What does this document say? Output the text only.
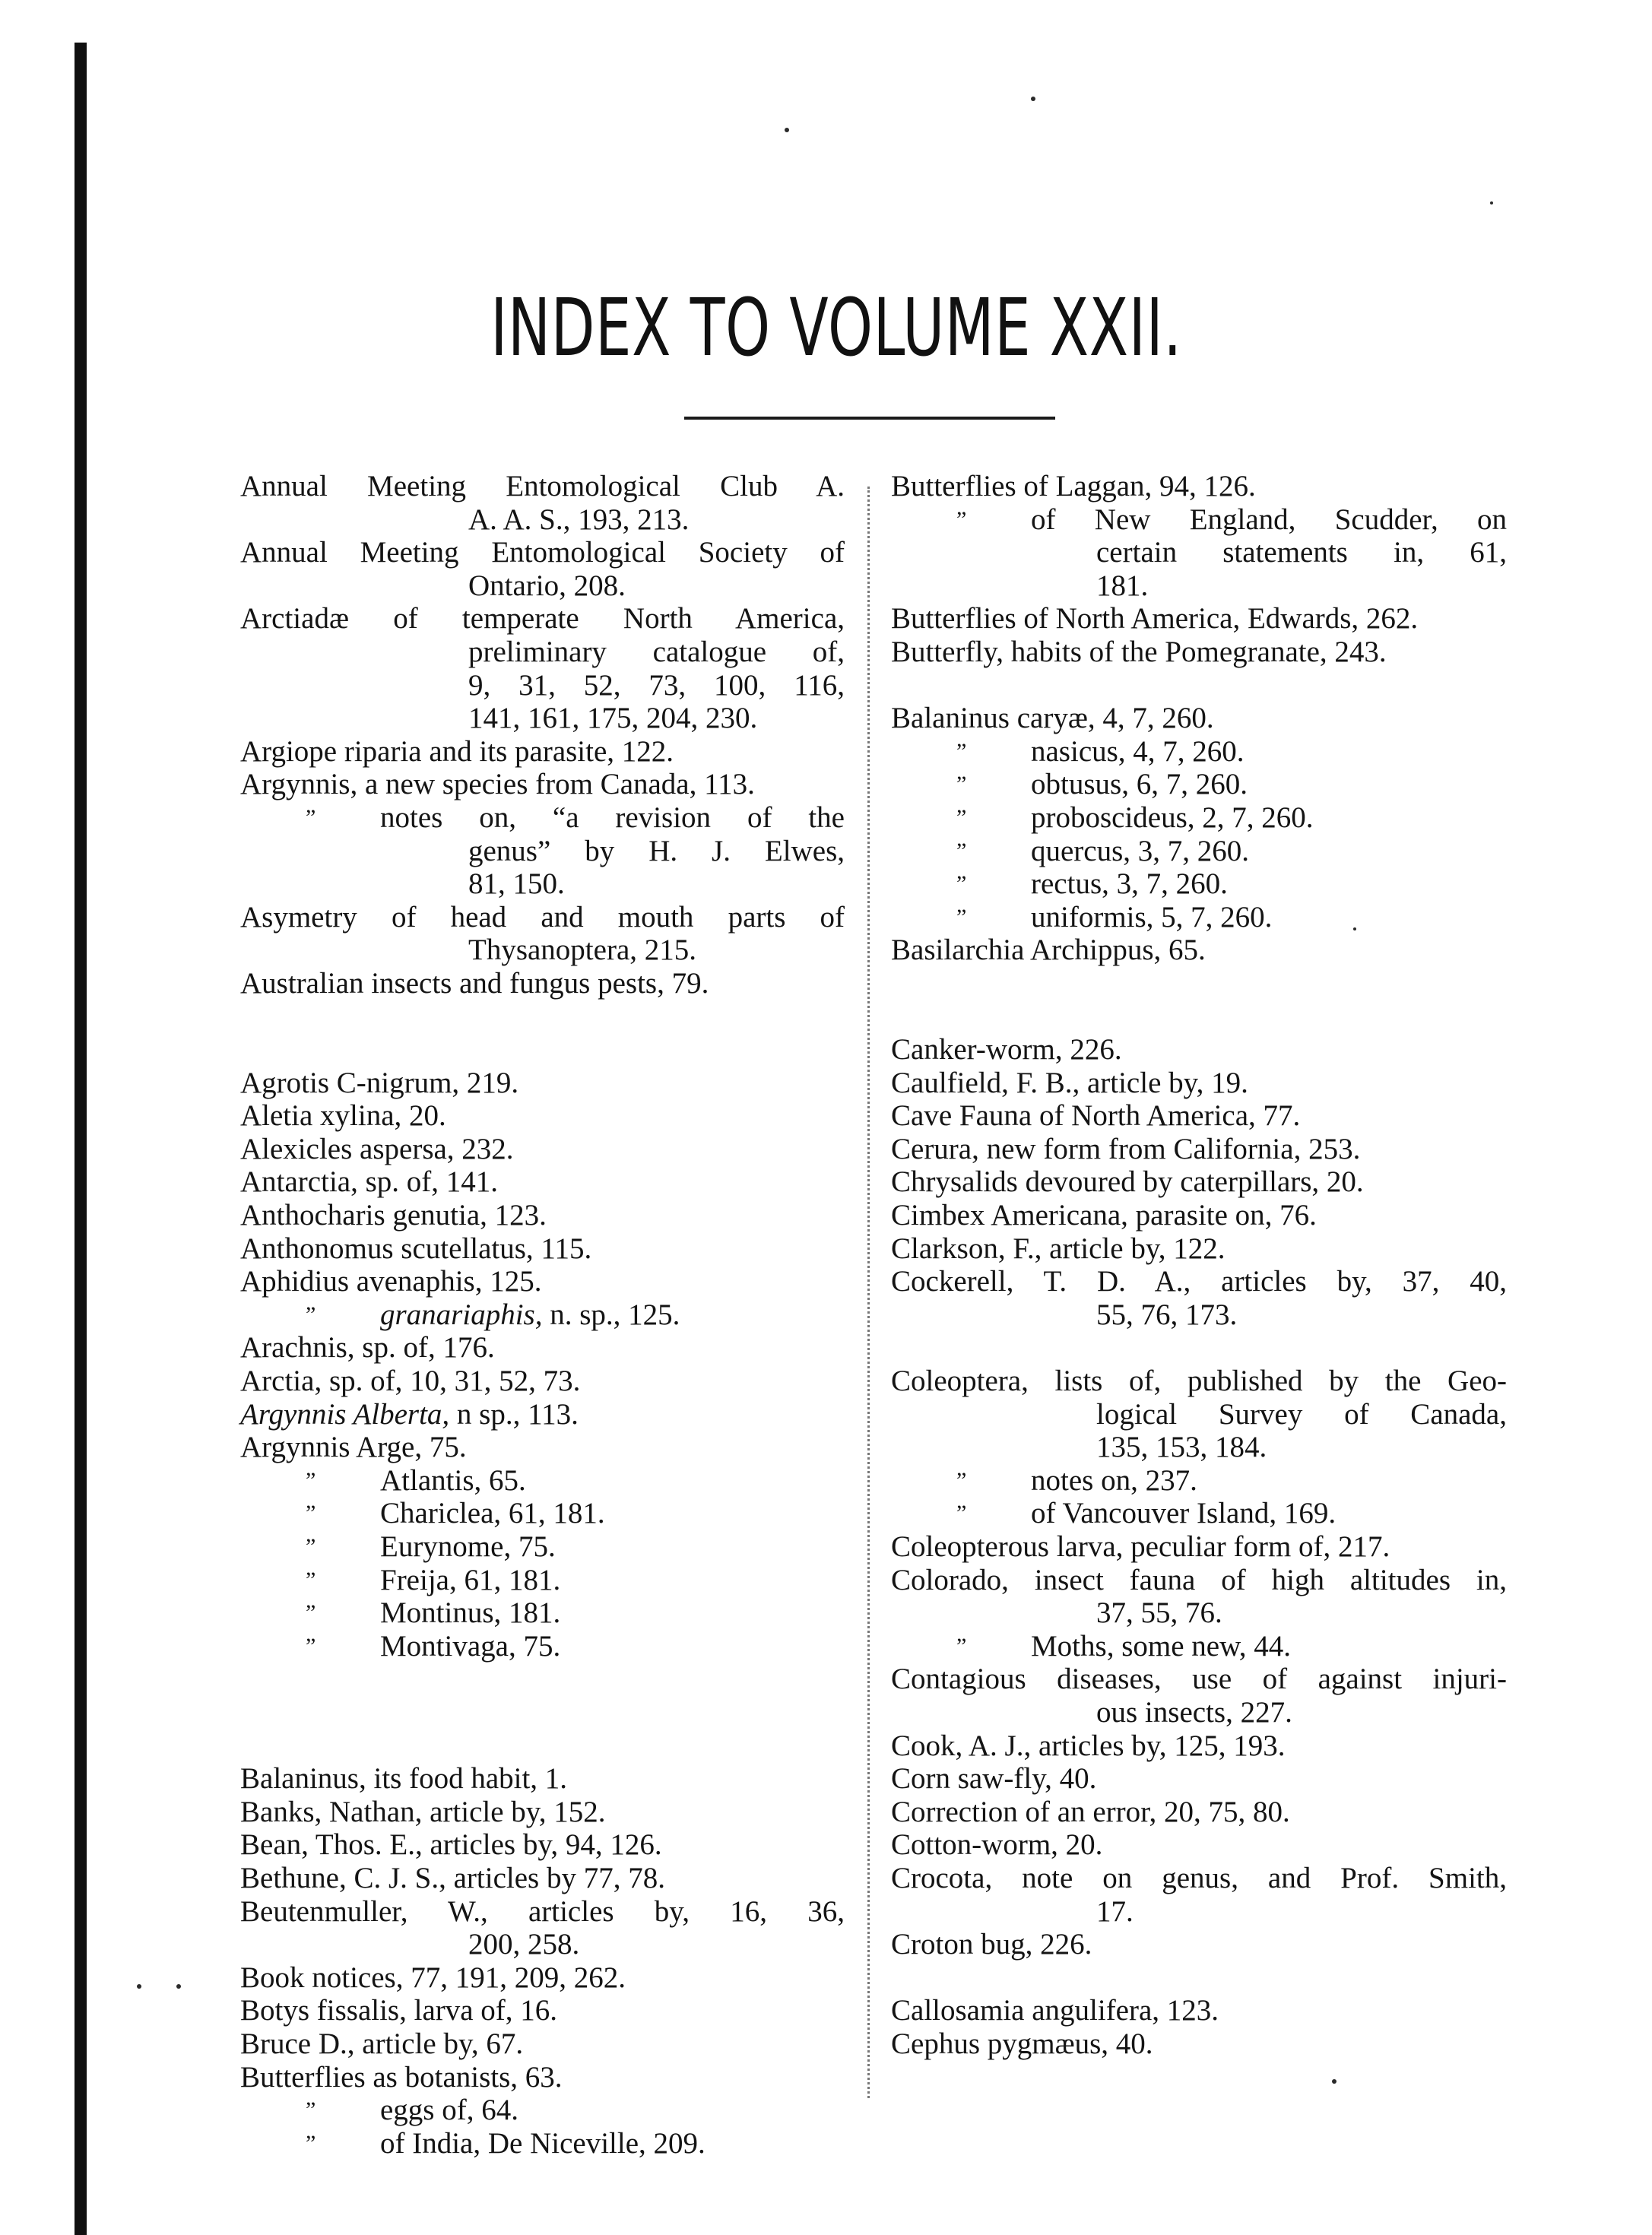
INDEX TO VOLUME XXII.
Annual Meeting Entomological Club A.
A. A. S., 193, 213.
Annual Meeting Entomological Society of
Ontario, 208.
Arctiadæ of temperate North America,
preliminary catalogue of,
9, 31, 52, 73, 100, 116,
141, 161, 175, 204, 230.
Argiope riparia and its parasite, 122.
Argynnis, a new species from Canada, 113.
” notes on, “a revision of the
genus” by H. J. Elwes,
81, 150.
Asymetry of head and mouth parts of
Thysanoptera, 215.
Australian insects and fungus pests, 79.
Agrotis C-nigrum, 219.
Aletia xylina, 20.
Alexicles aspersa, 232.
Antarctia, sp. of, 141.
Anthocharis genutia, 123.
Anthonomus scutellatus, 115.
Aphidius avenaphis, 125.
” granariaphis, n. sp., 125.
Arachnis, sp. of, 176.
Arctia, sp. of, 10, 31, 52, 73.
Argynnis Alberta, n sp., 113.
Argynnis Arge, 75.
” Atlantis, 65.
” Chariclea, 61, 181.
” Eurynome, 75.
” Freija, 61, 181.
” Montinus, 181.
” Montivaga, 75.
Balaninus, its food habit, 1.
Banks, Nathan, article by, 152.
Bean, Thos. E., articles by, 94, 126.
Bethune, C. J. S., articles by 77, 78.
Beutenmuller, W., articles by, 16, 36,
200, 258.
Book notices, 77, 191, 209, 262.
Botys fissalis, larva of, 16.
Bruce D., article by, 67.
Butterflies as botanists, 63.
” eggs of, 64.
” of India, De Niceville, 209.
Butterflies of Laggan, 94, 126.
” of New England, Scudder, on
certain statements in, 61,
181.
Butterflies of North America, Edwards, 262.
Butterfly, habits of the Pomegranate, 243.
Balaninus caryæ, 4, 7, 260.
” nasicus, 4, 7, 260.
” obtusus, 6, 7, 260.
” proboscideus, 2, 7, 260.
” quercus, 3, 7, 260.
” rectus, 3, 7, 260.
” uniformis, 5, 7, 260.
Basilarchia Archippus, 65.
Canker-worm, 226.
Caulfield, F. B., article by, 19.
Cave Fauna of North America, 77.
Cerura, new form from California, 253.
Chrysalids devoured by caterpillars, 20.
Cimbex Americana, parasite on, 76.
Clarkson, F., article by, 122.
Cockerell, T. D. A., articles by, 37, 40,
55, 76, 173.
Coleoptera, lists of, published by the Geo-
logical Survey of Canada,
135, 153, 184.
” notes on, 237.
” of Vancouver Island, 169.
Coleopterous larva, peculiar form of, 217.
Colorado, insect fauna of high altitudes in,
37, 55, 76.
” Moths, some new, 44.
Contagious diseases, use of against injuri-
ous insects, 227.
Cook, A. J., articles by, 125, 193.
Corn saw-fly, 40.
Correction of an error, 20, 75, 80.
Cotton-worm, 20.
Crocota, note on genus, and Prof. Smith,
17.
Croton bug, 226.
Callosamia angulifera, 123.
Cephus pygmæus, 40.
